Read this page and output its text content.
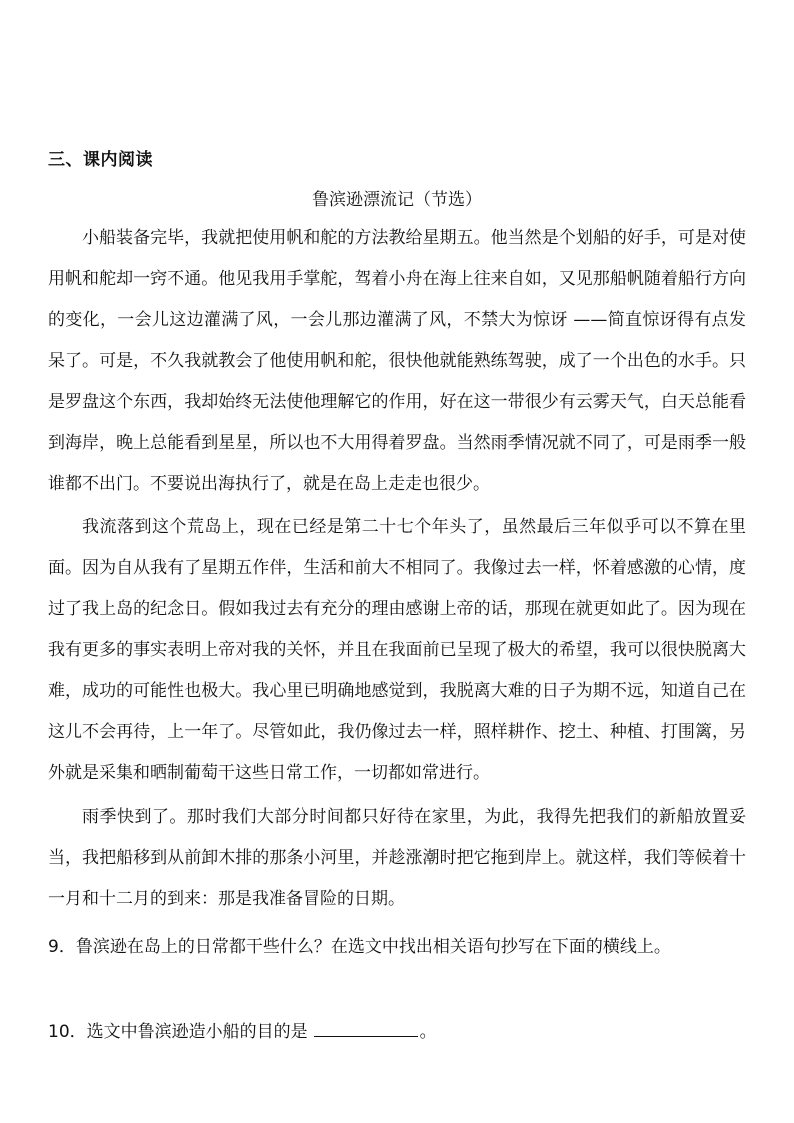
三、课内阅读
鲁滨逊漂流记（节选）

小船装备完毕，我就把使用帆和舵的方法教给星期五。他当然是个划船的好手，可是对使用帆和舵却一窍不通。他见我用手掌舵，驾着小舟在海上往来自如，又见那船帆随着船行方向的变化，一会儿这边灌满了风，一会儿那边灌满了风，不禁大为惊讶 ——简直惊讶得有点发呆了。可是，不久我就教会了他使用帆和舵，很快他就能熟练驾驶，成了一个出色的水手。只是罗盘这个东西，我却始终无法使他理解它的作用，好在这一带很少有云雾天气，白天总能看到海岸，晚上总能看到星星，所以也不大用得着罗盘。当然雨季情况就不同了，可是雨季一般谁都不出门。不要说出海执行了，就是在岛上走走也很少。

我流落到这个荒岛上，现在已经是第二十七个年头了，虽然最后三年似乎可以不算在里面。因为自从我有了星期五作伴，生活和前大不相同了。我像过去一样，怀着感激的心情，度过了我上岛的纪念日。假如我过去有充分的理由感谢上帝的话，那现在就更如此了。因为现在我有更多的事实表明上帝对我的关怀，并且在我面前已呈现了极大的希望，我可以很快脱离大难，成功的可能性也极大。我心里已明确地感觉到，我脱离大难的日子为期不远，知道自己在这儿不会再待，上一年了。尽管如此，我仍像过去一样，照样耕作、挖土、种植、打围篱，另外就是采集和晒制葡萄干这些日常工作，一切都如常进行。

雨季快到了。那时我们大部分时间都只好待在家里，为此，我得先把我们的新船放置妥当，我把船移到从前卸木排的那条小河里，并趁涨潮时把它拖到岸上。就这样，我们等候着十一月和十二月的到来：那是我准备冒险的日期。

9．鲁滨逊在岛上的日常都干些什么？在选文中找出相关语句抄写在下面的横线上。
10．选文中鲁滨逊造小船的目的是	。
